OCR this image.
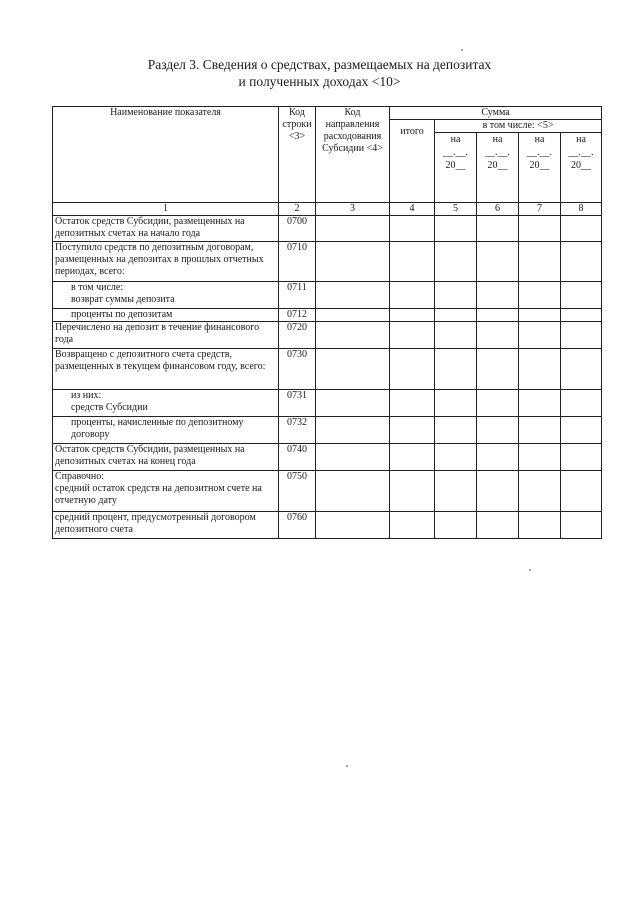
Раздел 3. Сведения о средствах, размещаемых на депозитах
и полученных доходах <10>
Наименование показателя	Код строки <3>	Код направления расходования Субсидии <4>	Сумма				
			итого	в том числе: <5>			

				на
__.__.
20__	на
__.__.
20__	на
__.__.
20__	на
__.__.
20__

1	2	3	4	5	6	7	8
Остаток средств Субсидии, размещенных на депозитных счетах на начало года	0700						
Поступило средств по депозитным договорам, размещенных на депозитах в прошлых отчетных периодах, всего:	0710						
в том числе:
возврат суммы депозита	0711						
проценты по депозитам	0712						
Перечислено на депозит в течение финансового года	0720						
Возвращено с депозитного счета средств, размещенных в текущем финансовом году, всего:	0730						
из них:
средств Субсидии	0731						
проценты, начисленные по депозитному договору	0732						
Остаток средств Субсидии, размещенных на депозитных счетах на конец года	0740						
Справочно:
средний остаток средств на депозитном счете на отчетную дату	0750						
средний процент, предусмотренный договором депозитного счета	0760						
